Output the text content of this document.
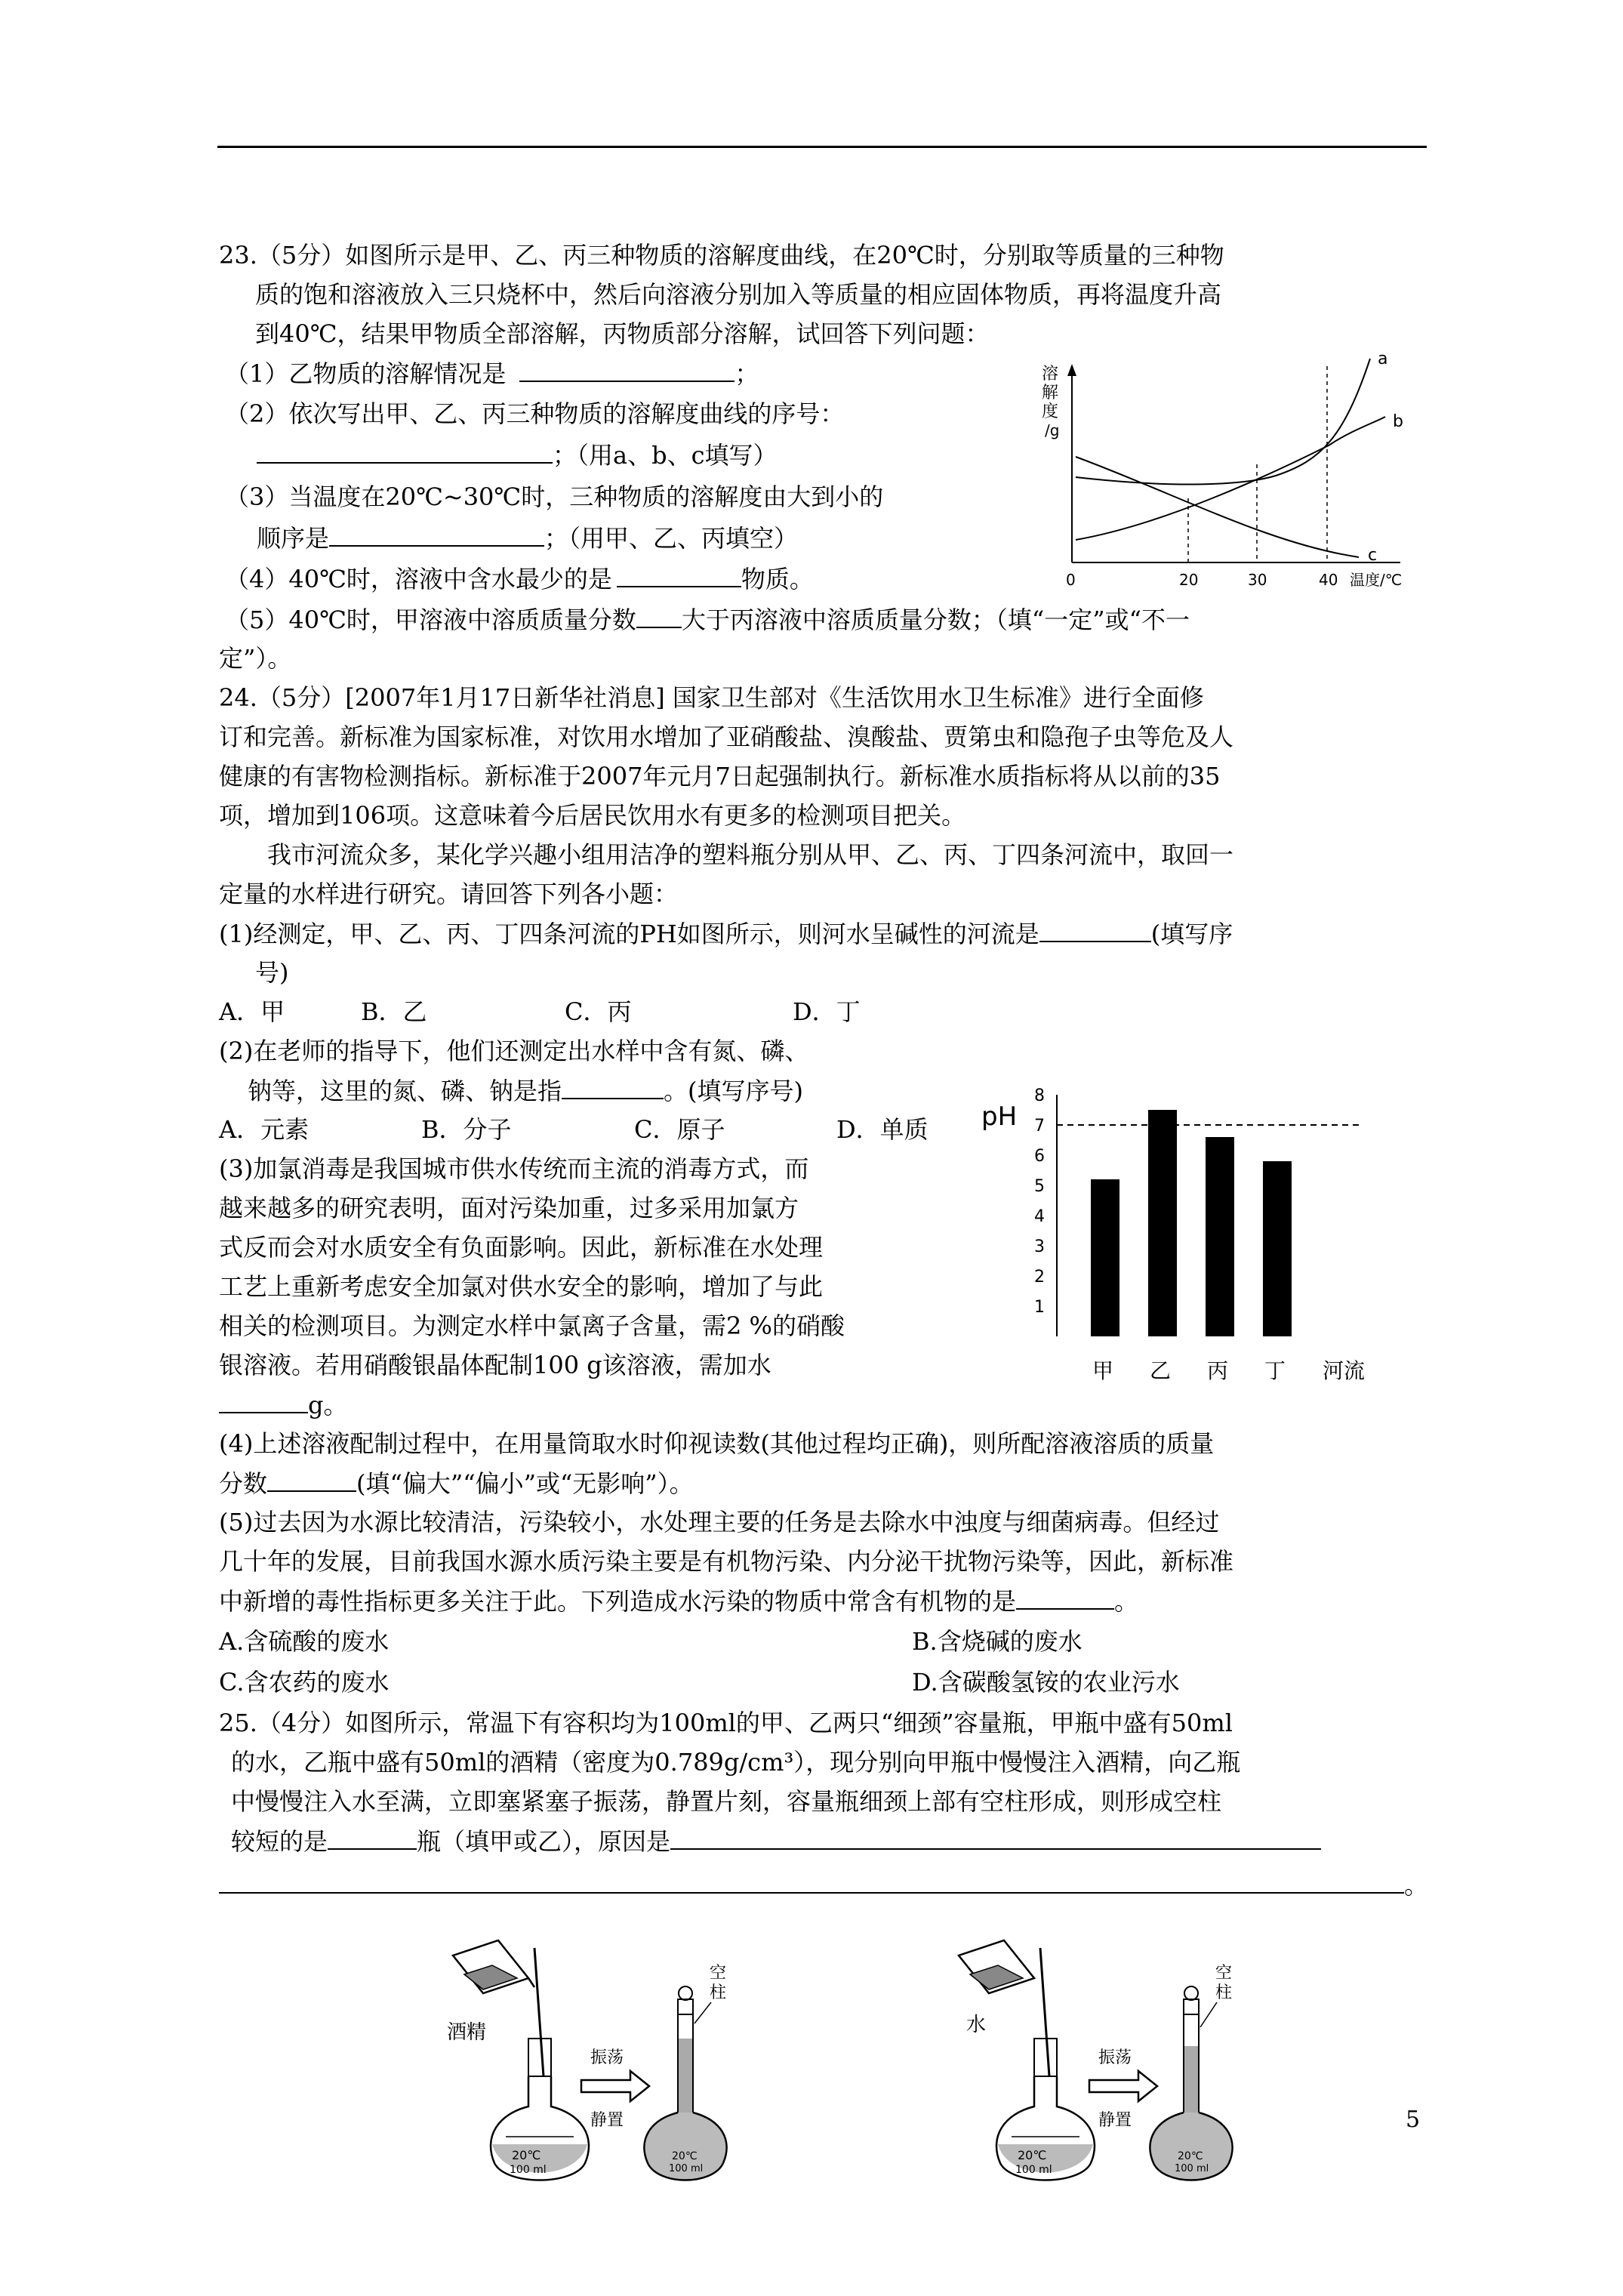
23.（5分）如图所示是甲、乙、丙三种物质的溶解度曲线，在20℃时，分别取等质量的三种物
质的饱和溶液放入三只烧杯中，然后向溶液分别加入等质量的相应固体物质，再将温度升高
到40℃，结果甲物质全部溶解，丙物质部分溶解，试回答下列问题：
（1）乙物质的溶解情况是	；
（2）依次写出甲、乙、丙三种物质的溶解度曲线的序号：
；（用a、b、c填写）
（3）当温度在20℃~30℃时，三种物质的溶解度由大到小的
顺序是	；（用甲、乙、丙填空）
（4）40℃时，溶液中含水最少的是	物质。
（5）40℃时，甲溶液中溶质质量分数 大于丙溶液中溶质质量分数；（填“一定”或“不一
定”）。
溶
解
度
/g
a
b
c
0	20	30	40 温度/℃
24.（5分）[2007年1月17日新华社消息] 国家卫生部对《生活饮用水卫生标准》进行全面修
订和完善。新标准为国家标准，对饮用水增加了亚硝酸盐、溴酸盐、贾第虫和隐孢子虫等危及人
健康的有害物检测指标。新标准于2007年元月7日起强制执行。新标准水质指标将从以前的35
项，增加到106项。这意味着今后居民饮用水有更多的检测项目把关。
我市河流众多，某化学兴趣小组用洁净的塑料瓶分别从甲、乙、丙、丁四条河流中，取回一
定量的水样进行研究。请回答下列各小题：
(1)经测定，甲、乙、丙、丁四条河流的PH如图所示，则河水呈碱性的河流是	(填写序
号)
A．甲	B．乙	C．丙	D．丁
(2)在老师的指导下，他们还测定出水样中含有氮、磷、
钠等，这里的氮、磷、钠是指	。(填写序号)
A．元素	B．分子	C．原子	D．单质
(3)加氯消毒是我国城市供水传统而主流的消毒方式，而
越来越多的研究表明，面对污染加重，过多采用加氯方
式反而会对水质安全有负面影响。因此，新标准在水处理
工艺上重新考虑安全加氯对供水安全的影响，增加了与此
相关的检测项目。为测定水样中氯离子含量，需2 %的硝酸
银溶液。若用硝酸银晶体配制100 g该溶液，需加水
g。
pH
河流
1
2
3
4
5
6
7
8
甲 乙 丙 丁
(4)上述溶液配制过程中，在用量筒取水时仰视读数(其他过程均正确)，则所配溶液溶质的质量
分数	(填“偏大”“偏小”或“无影响”）。
(5)过去因为水源比较清洁，污染较小，水处理主要的任务是去除水中浊度与细菌病毒。但经过
几十年的发展，目前我国水源水质污染主要是有机物污染、内分泌干扰物污染等，因此，新标准
中新增的毒性指标更多关注于此。下列造成水污染的物质中常含有机物的是	。
A.含硫酸的废水	B.含烧碱的废水
C.含农药的废水	D.含碳酸氢铵的农业污水
25.（4分）如图所示，常温下有容积均为100ml的甲、乙两只“细颈”容量瓶，甲瓶中盛有50ml
的水，乙瓶中盛有50ml的酒精（密度为0.789g/cm³），现分别向甲瓶中慢慢注入酒精，向乙瓶
中慢慢注入水至满，立即塞紧塞子振荡，静置片刻，容量瓶细颈上部有空柱形成，则形成空柱
较短的是	瓶（填甲或乙），原因是
。
20℃
100 ml
酒精
振荡
静置
20℃
100 ml
空
柱
20℃
100 ml
水
振荡
静置
20℃
100 ml
空
柱
5
